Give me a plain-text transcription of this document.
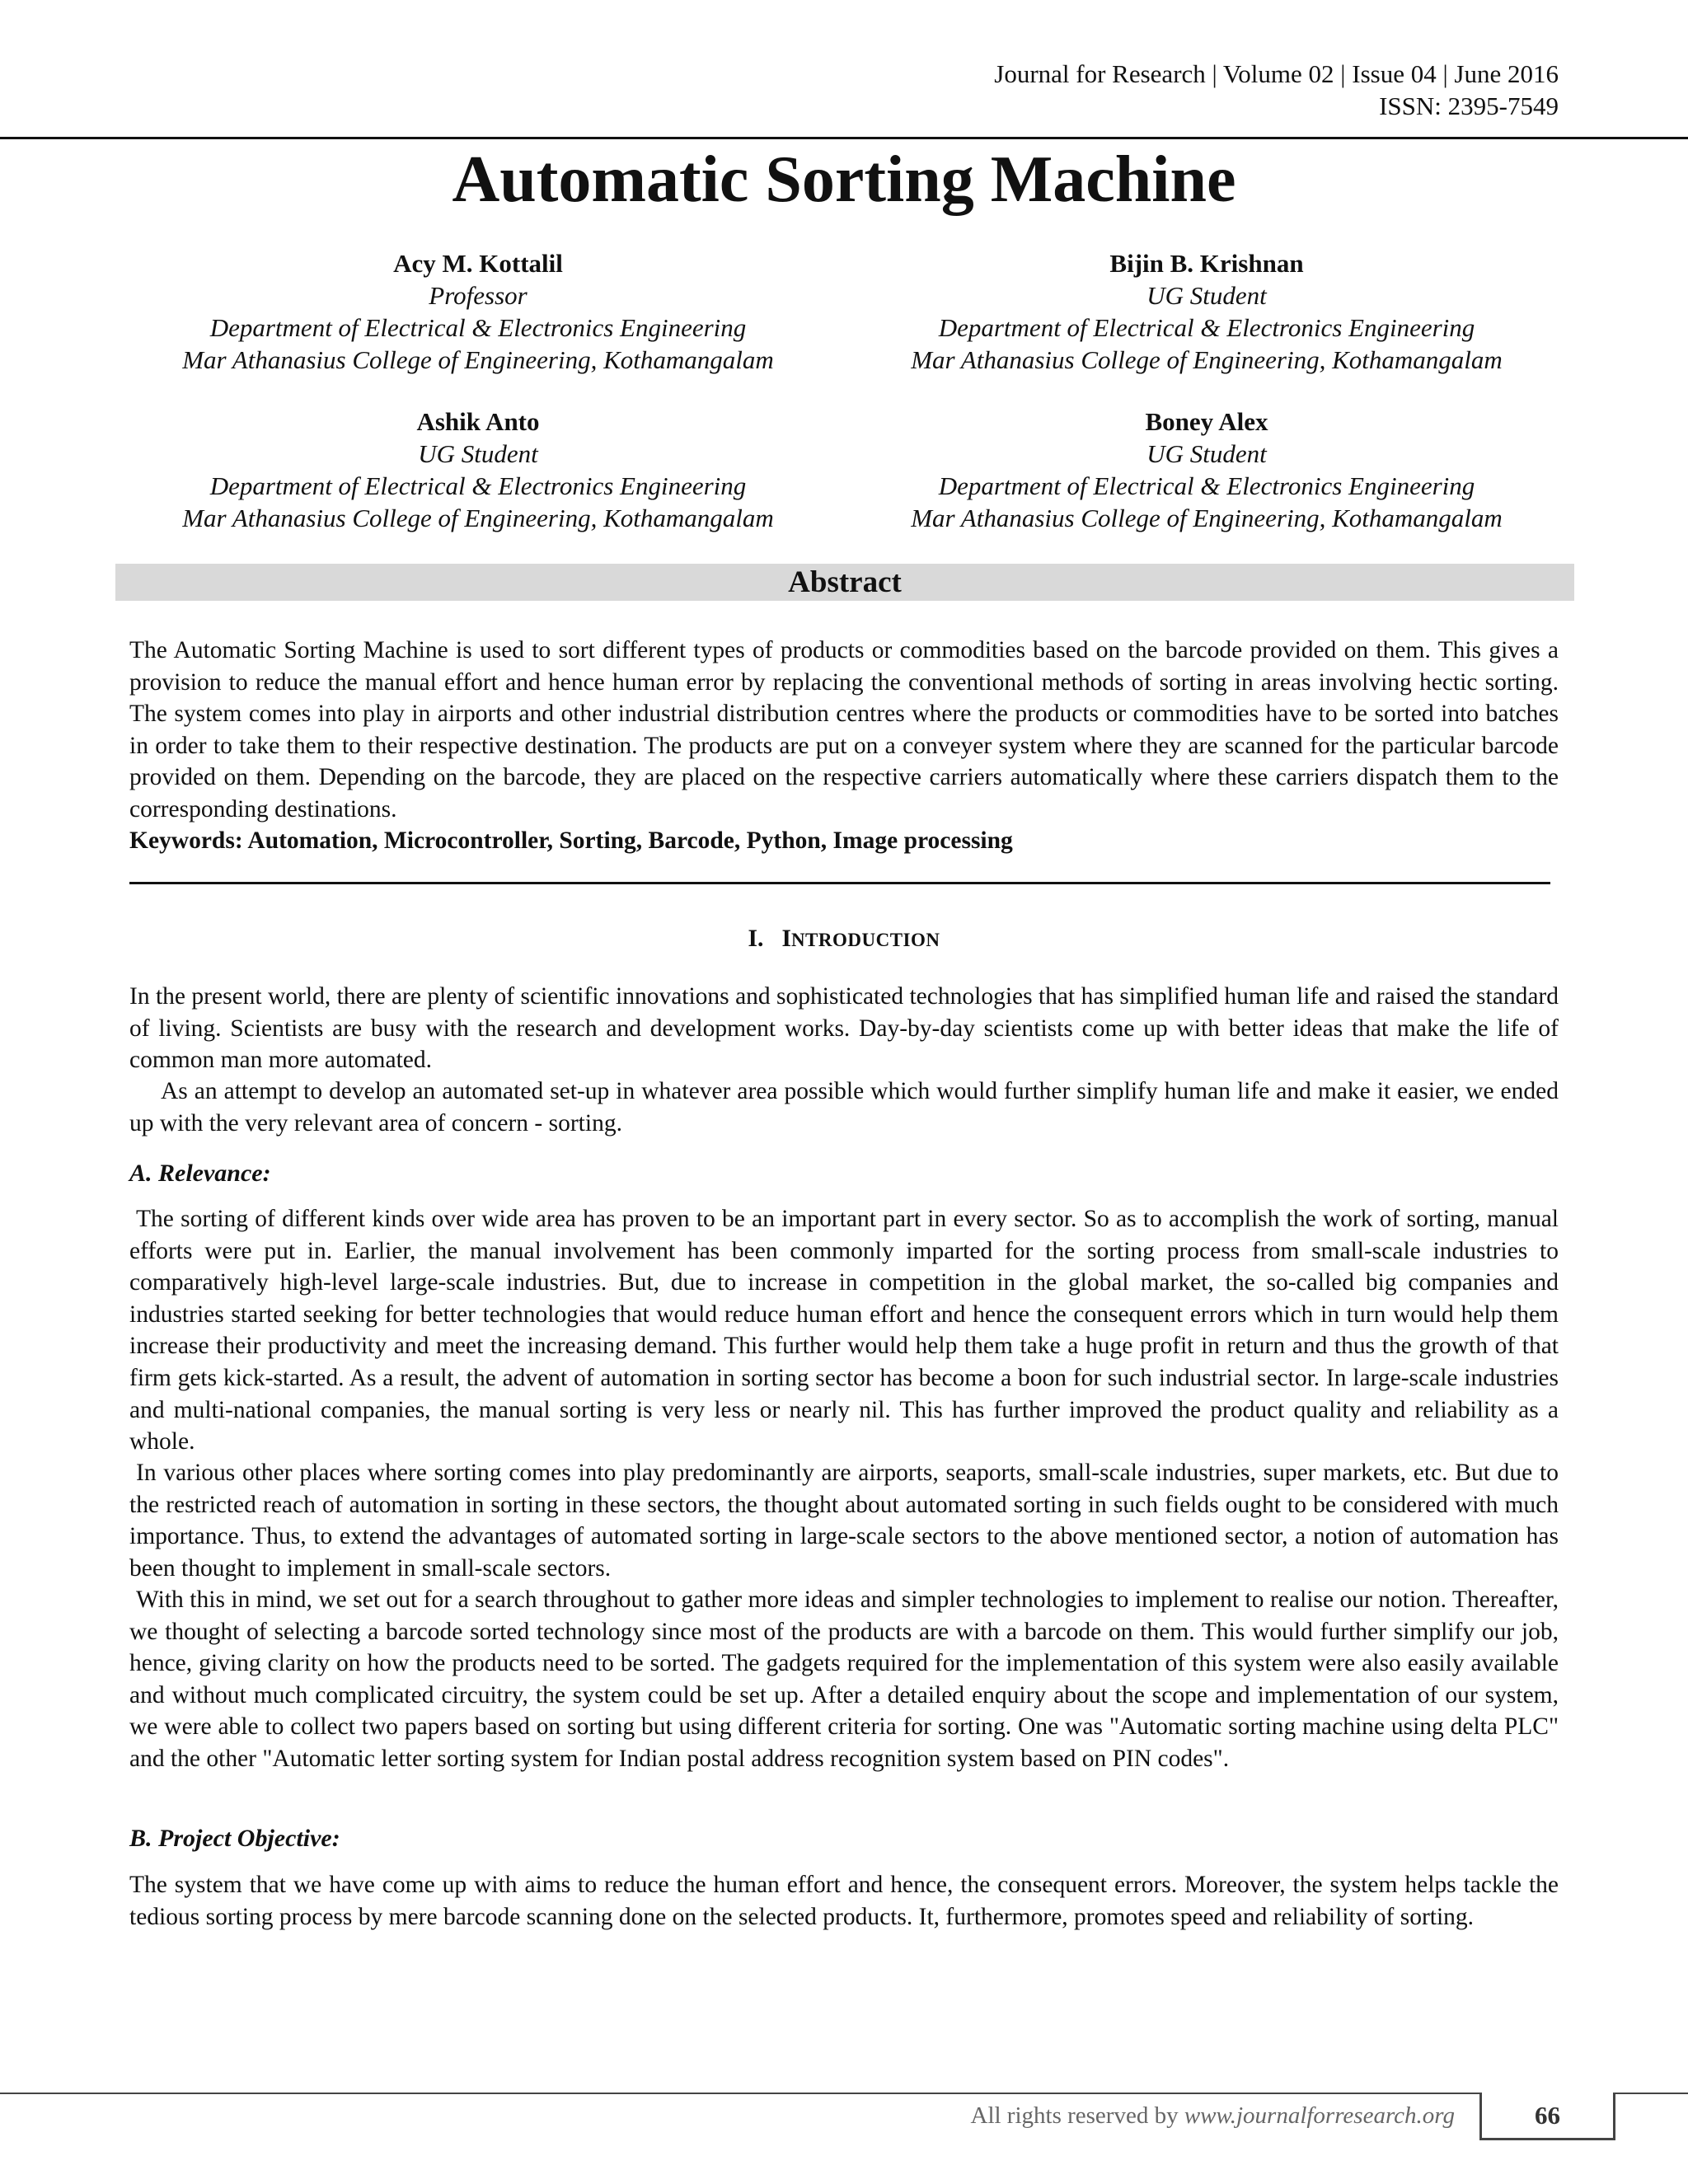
Journal for Research | Volume 02 | Issue 04 | June 2016
ISSN: 2395-7549
Automatic Sorting Machine
Acy M. Kottalil
Professor
Department of Electrical & Electronics Engineering
Mar Athanasius College of Engineering, Kothamangalam
Bijin B. Krishnan
UG Student
Department of Electrical & Electronics Engineering
Mar Athanasius College of Engineering, Kothamangalam
Ashik Anto
UG Student
Department of Electrical & Electronics Engineering
Mar Athanasius College of Engineering, Kothamangalam
Boney Alex
UG Student
Department of Electrical & Electronics Engineering
Mar Athanasius College of Engineering, Kothamangalam
Abstract

The Automatic Sorting Machine is used to sort different types of products or commodities based on the barcode provided on them. This gives a provision to reduce the manual effort and hence human error by replacing the conventional methods of sorting in areas involving hectic sorting. The system comes into play in airports and other industrial distribution centres where the products or commodities have to be sorted into batches in order to take them to their respective destination. The products are put on a conveyer system where they are scanned for the particular barcode provided on them. Depending on the barcode, they are placed on the respective carriers automatically where these carriers dispatch them to the corresponding destinations.

Keywords: Automation, Microcontroller, Sorting, Barcode, Python, Image processing
I. INTRODUCTION

In the present world, there are plenty of scientific innovations and sophisticated technologies that has simplified human life and raised the standard of living. Scientists are busy with the research and development works. Day-by-day scientists come up with better ideas that make the life of common man more automated.

As an attempt to develop an automated set-up in whatever area possible which would further simplify human life and make it easier, we ended up with the very relevant area of concern - sorting.

A. Relevance:

The sorting of different kinds over wide area has proven to be an important part in every sector. So as to accomplish the work of sorting, manual efforts were put in. Earlier, the manual involvement has been commonly imparted for the sorting process from small-scale industries to comparatively high-level large-scale industries. But, due to increase in competition in the global market, the so-called big companies and industries started seeking for better technologies that would reduce human effort and hence the consequent errors which in turn would help them increase their productivity and meet the increasing demand. This further would help them take a huge profit in return and thus the growth of that firm gets kick-started. As a result, the advent of automation in sorting sector has become a boon for such industrial sector. In large-scale industries and multi-national companies, the manual sorting is very less or nearly nil. This has further improved the product quality and reliability as a whole.

In various other places where sorting comes into play predominantly are airports, seaports, small-scale industries, super markets, etc. But due to the restricted reach of automation in sorting in these sectors, the thought about automated sorting in such fields ought to be considered with much importance. Thus, to extend the advantages of automated sorting in large-scale sectors to the above mentioned sector, a notion of automation has been thought to implement in small-scale sectors.

With this in mind, we set out for a search throughout to gather more ideas and simpler technologies to implement to realise our notion. Thereafter, we thought of selecting a barcode sorted technology since most of the products are with a barcode on them. This would further simplify our job, hence, giving clarity on how the products need to be sorted. The gadgets required for the implementation of this system were also easily available and without much complicated circuitry, the system could be set up. After a detailed enquiry about the scope and implementation of our system, we were able to collect two papers based on sorting but using different criteria for sorting. One was "Automatic sorting machine using delta PLC" and the other "Automatic letter sorting system for Indian postal address recognition system based on PIN codes".

B. Project Objective:

The system that we have come up with aims to reduce the human effort and hence, the consequent errors. Moreover, the system helps tackle the tedious sorting process by mere barcode scanning done on the selected products. It, furthermore, promotes speed and reliability of sorting.

All rights reserved by www.journalforresearch.org	66
